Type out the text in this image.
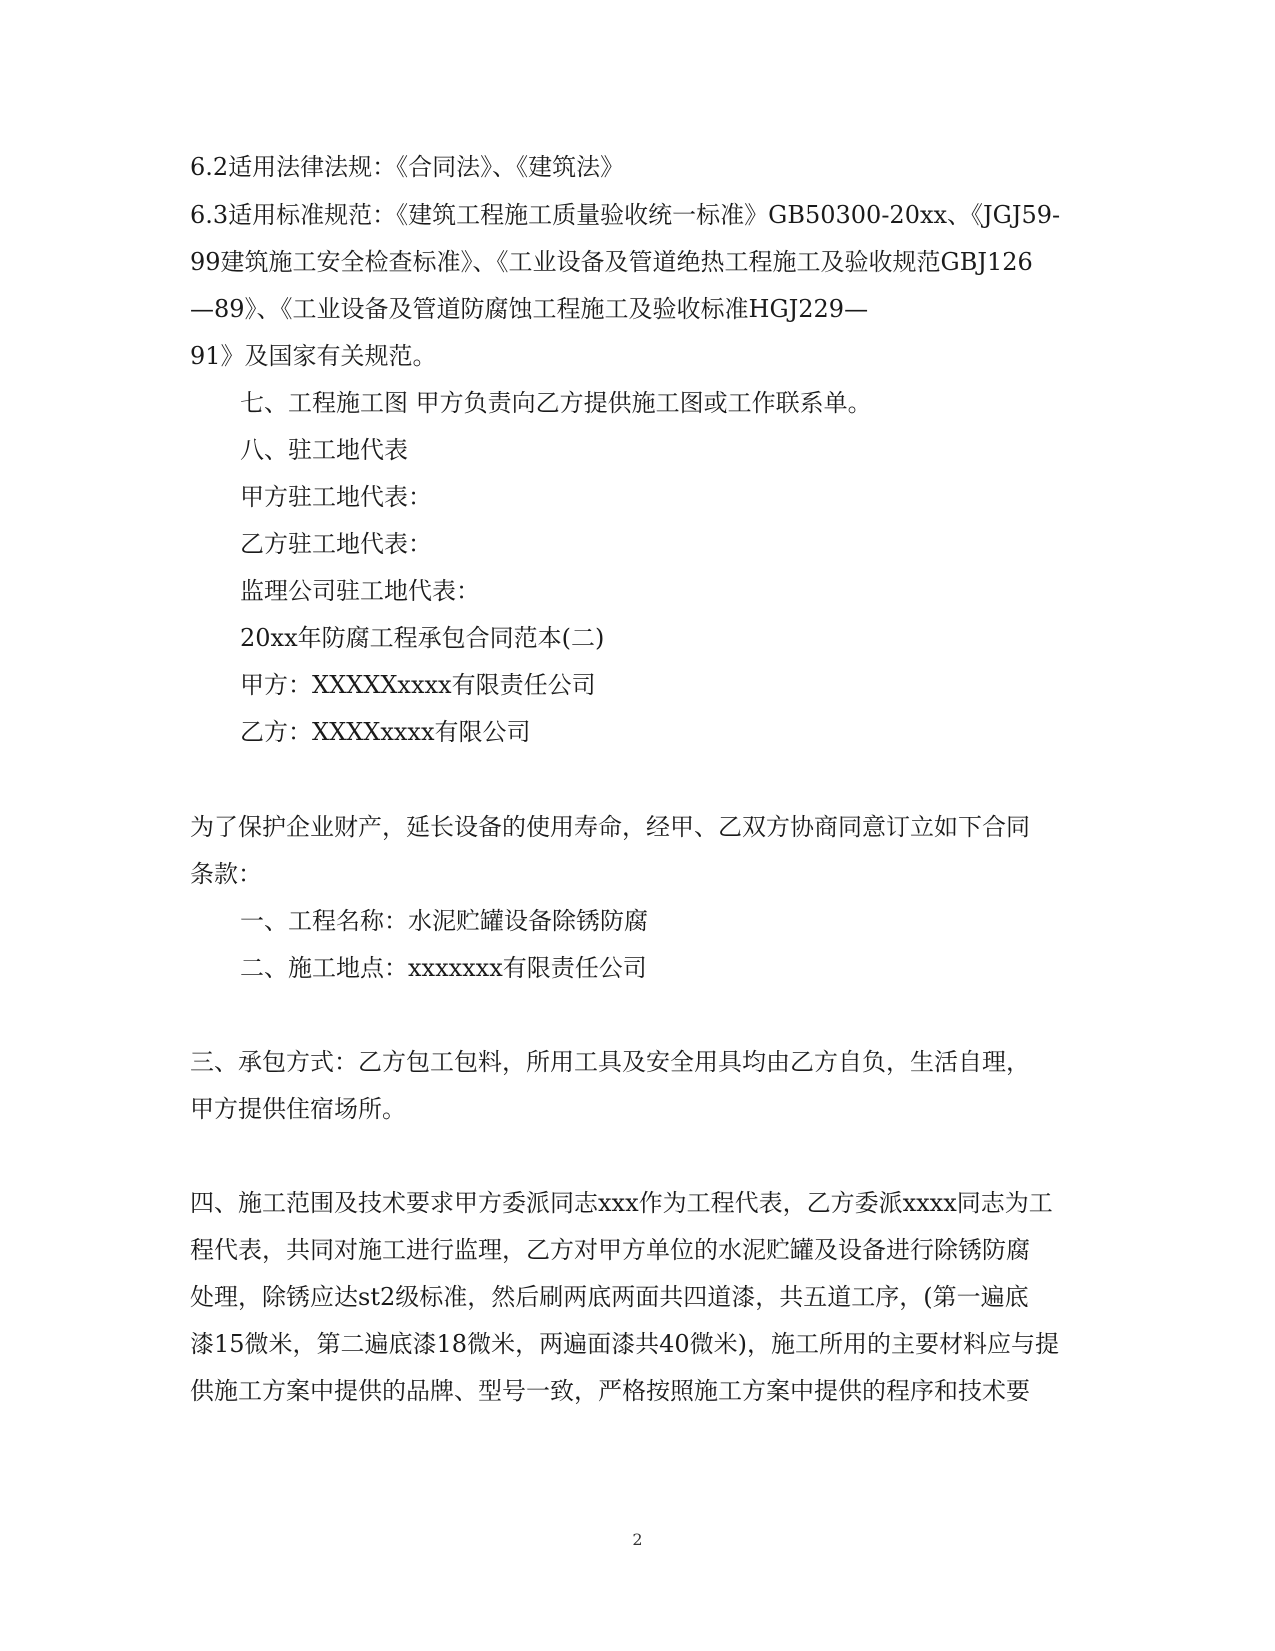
6.2适用法律法规：《合同法》、《建筑法》
6.3适用标准规范：《建筑工程施工质量验收统一标准》GB50300-20xx、《JGJ59-
99建筑施工安全检查标准》、《工业设备及管道绝热工程施工及验收规范GBJ126
—89》、《工业设备及管道防腐蚀工程施工及验收标准HGJ229—
91》及国家有关规范。
七、工程施工图 甲方负责向乙方提供施工图或工作联系单。
八、驻工地代表
甲方驻工地代表：
乙方驻工地代表：
监理公司驻工地代表：
20xx年防腐工程承包合同范本(二)
甲方：XXXXXxxxx有限责任公司
乙方：XXXXxxxx有限公司
为了保护企业财产，延长设备的使用寿命，经甲、乙双方协商同意订立如下合同
条款：
一、工程名称：水泥贮罐设备除锈防腐
二、施工地点：xxxxxxx有限责任公司
三、承包方式：乙方包工包料，所用工具及安全用具均由乙方自负，生活自理，
甲方提供住宿场所。
四、施工范围及技术要求甲方委派同志xxx作为工程代表，乙方委派xxxx同志为工
程代表，共同对施工进行监理，乙方对甲方单位的水泥贮罐及设备进行除锈防腐
处理，除锈应达st2级标准，然后刷两底两面共四道漆，共五道工序，(第一遍底
漆15微米，第二遍底漆18微米，两遍面漆共40微米)，施工所用的主要材料应与提
供施工方案中提供的品牌、型号一致，严格按照施工方案中提供的程序和技术要
2
